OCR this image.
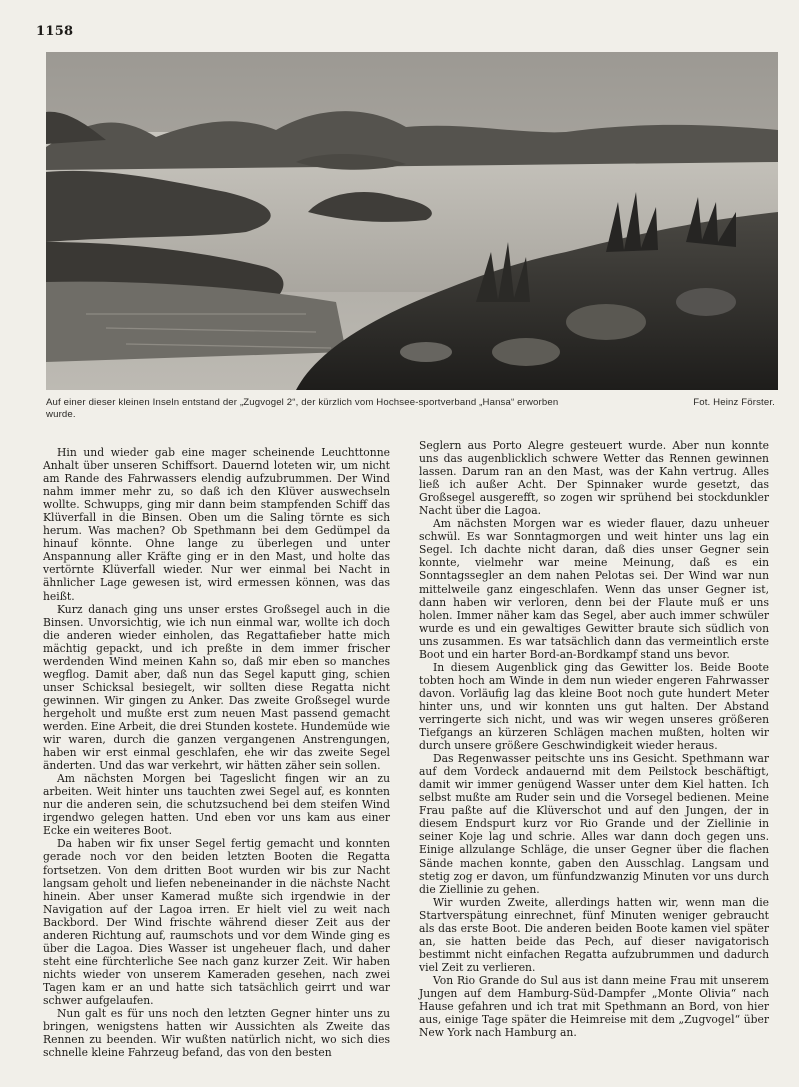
1158
Auf einer dieser kleinen Inseln entstand der „Zugvogel 2“, der kürzlich vom Hochsee-sportverband „Hansa“ erworben wurde.
Fot. Heinz Förster.

Hin und wieder gab eine mager scheinende Leuchttonne Anhalt über unseren Schiffsort. Dauernd loteten wir, um nicht am Rande des Fahrwassers elendig aufzubrummen. Der Wind nahm immer mehr zu, so daß ich den Klüver auswechseln wollte. Schwupps, ging mir dann beim stampfenden Schiff das Klüverfall in die Binsen. Oben um die Saling törnte es sich herum. Was machen? Ob Spethmann bei dem Gedümpel da hinauf könnte. Ohne lange zu überlegen und unter Anspannung aller Kräfte ging er in den Mast, und holte das vertörnte Klüverfall wieder. Nur wer einmal bei Nacht in ähnlicher Lage gewesen ist, wird ermessen können, was das heißt.

Kurz danach ging uns unser erstes Großsegel auch in die Binsen. Unvorsichtig, wie ich nun einmal war, wollte ich doch die anderen wieder einholen, das Regattafieber hatte mich mächtig gepackt, und ich preßte in dem immer frischer werdenden Wind meinen Kahn so, daß mir eben so manches wegflog. Damit aber, daß nun das Segel kaputt ging, schien unser Schicksal besiegelt, wir sollten diese Regatta nicht gewinnen. Wir gingen zu Anker. Das zweite Großsegel wurde hergeholt und mußte erst zum neuen Mast passend gemacht werden. Eine Arbeit, die drei Stunden kostete. Hundemüde wie wir waren, durch die ganzen vergangenen Anstrengungen, haben wir erst einmal geschlafen, ehe wir das zweite Segel änderten. Und das war verkehrt, wir hätten zäher sein sollen.

Am nächsten Morgen bei Tageslicht fingen wir an zu arbeiten. Weit hinter uns tauchten zwei Segel auf, es konnten nur die anderen sein, die schutzsuchend bei dem steifen Wind irgendwo gelegen hatten. Und eben vor uns kam aus einer Ecke ein weiteres Boot.

Da haben wir fix unser Segel fertig gemacht und konnten gerade noch vor den beiden letzten Booten die Regatta fortsetzen. Von dem dritten Boot wurden wir bis zur Nacht langsam geholt und liefen nebeneinander in die nächste Nacht hinein. Aber unser Kamerad mußte sich irgendwie in der Navigation auf der Lagoa irren. Er hielt viel zu weit nach Backbord. Der Wind frischte während dieser Zeit aus der anderen Richtung auf, raumschots und vor dem Winde ging es über die Lagoa. Dies Wasser ist ungeheuer flach, und daher steht eine fürchterliche See nach ganz kurzer Zeit. Wir haben nichts wieder von unserem Kameraden gesehen, nach zwei Tagen kam er an und hatte sich tatsächlich geirrt und war schwer aufgelaufen.

Nun galt es für uns noch den letzten Gegner hinter uns zu bringen, wenigstens hatten wir Aussichten als Zweite das Rennen zu beenden. Wir wußten natürlich nicht, wo sich dies schnelle kleine Fahrzeug befand, das von den besten

Seglern aus Porto Alegre gesteuert wurde. Aber nun konnte uns das augenblicklich schwere Wetter das Rennen gewinnen lassen. Darum ran an den Mast, was der Kahn vertrug. Alles ließ ich außer Acht. Der Spinnaker wurde gesetzt, das Großsegel ausgerefft, so zogen wir sprühend bei stockdunkler Nacht über die Lagoa.

Am nächsten Morgen war es wieder flauer, dazu unheuer schwül. Es war Sonntagmorgen und weit hinter uns lag ein Segel. Ich dachte nicht daran, daß dies unser Gegner sein konnte, vielmehr war meine Meinung, daß es ein Sonntagssegler an dem nahen Pelotas sei. Der Wind war nun mittelweile ganz eingeschlafen. Wenn das unser Gegner ist, dann haben wir verloren, denn bei der Flaute muß er uns holen. Immer näher kam das Segel, aber auch immer schwüler wurde es und ein gewaltiges Gewitter braute sich südlich von uns zusammen. Es war tatsächlich dann das vermeintlich erste Boot und ein harter Bord-an-Bordkampf stand uns bevor.

In diesem Augenblick ging das Gewitter los. Beide Boote tobten hoch am Winde in dem nun wieder engeren Fahrwasser davon. Vorläufig lag das kleine Boot noch gute hundert Meter hinter uns, und wir konnten uns gut halten. Der Abstand verringerte sich nicht, und was wir wegen unseres größeren Tiefgangs an kürzeren Schlägen machen mußten, holten wir durch unsere größere Geschwindigkeit wieder heraus.

Das Regenwasser peitschte uns ins Gesicht. Spethmann war auf dem Vordeck andauernd mit dem Peilstock beschäftigt, damit wir immer genügend Wasser unter dem Kiel hatten. Ich selbst mußte am Ruder sein und die Vorsegel bedienen. Meine Frau paßte auf die Klüverschot und auf den Jungen, der in diesem Endspurt kurz vor Rio Grande und der Ziellinie in seiner Koje lag und schrie. Alles war dann doch gegen uns. Einige allzulange Schläge, die unser Gegner über die flachen Sände machen konnte, gaben den Ausschlag. Langsam und stetig zog er davon, um fünfundzwanzig Minuten vor uns durch die Ziellinie zu gehen.

Wir wurden Zweite, allerdings hatten wir, wenn man die Startverspätung einrechnet, fünf Minuten weniger gebraucht als das erste Boot. Die anderen beiden Boote kamen viel später an, sie hatten beide das Pech, auf dieser navigatorisch bestimmt nicht einfachen Regatta aufzubrummen und dadurch viel Zeit zu verlieren.

Von Rio Grande do Sul aus ist dann meine Frau mit unserem Jungen auf dem Hamburg-Süd-Dampfer „Monte Olivia“ nach Hause gefahren und ich trat mit Spethmann an Bord, von hier aus, einige Tage später die Heimreise mit dem „Zugvogel“ über New York nach Hamburg an.
